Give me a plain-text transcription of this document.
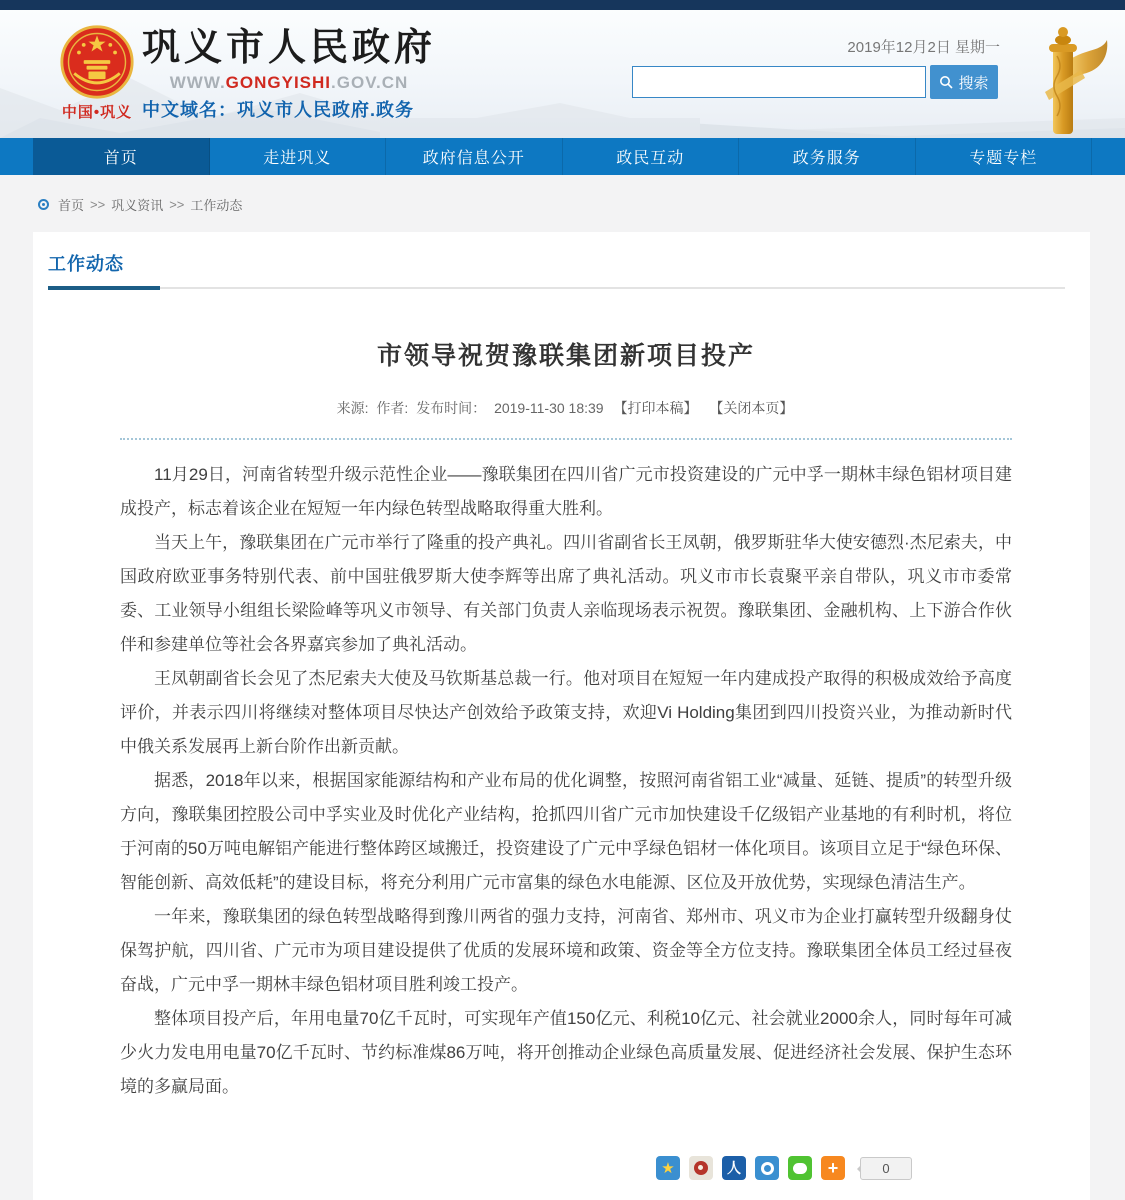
中国•巩义
巩义市人民政府
WWW.GONGYISHI.GOV.CN
中文域名：巩义市人民政府.政务
2019年12月2日 星期一
搜索
首页	走进巩义	政府信息公开	政民互动	政务服务	专题专栏
首页 >> 巩义资讯 >> 工作动态
工作动态
市领导祝贺豫联集团新项目投产
来源: 作者: 发布时间： 2019-11-30 18:39 【打印本稿】 【关闭本页】

11月29日，河南省转型升级示范性企业——豫联集团在四川省广元市投资建设的广元中孚一期林丰绿色铝材项目建成投产，标志着该企业在短短一年内绿色转型战略取得重大胜利。

当天上午，豫联集团在广元市举行了隆重的投产典礼。四川省副省长王凤朝，俄罗斯驻华大使安德烈·杰尼索夫，中国政府欧亚事务特别代表、前中国驻俄罗斯大使李辉等出席了典礼活动。巩义市市长袁聚平亲自带队，巩义市市委常委、工业领导小组组长梁险峰等巩义市领导、有关部门负责人亲临现场表示祝贺。豫联集团、金融机构、上下游合作伙伴和参建单位等社会各界嘉宾参加了典礼活动。

王凤朝副省长会见了杰尼索夫大使及马钦斯基总裁一行。他对项目在短短一年内建成投产取得的积极成效给予高度评价，并表示四川将继续对整体项目尽快达产创效给予政策支持，欢迎Vi Holding集团到四川投资兴业，为推动新时代中俄关系发展再上新台阶作出新贡献。

据悉，2018年以来，根据国家能源结构和产业布局的优化调整，按照河南省铝工业“减量、延链、提质”的转型升级方向，豫联集团控股公司中孚实业及时优化产业结构，抢抓四川省广元市加快建设千亿级铝产业基地的有利时机，将位于河南的50万吨电解铝产能进行整体跨区域搬迁，投资建设了广元中孚绿色铝材一体化项目。该项目立足于“绿色环保、智能创新、高效低耗”的建设目标，将充分利用广元市富集的绿色水电能源、区位及开放优势，实现绿色清洁生产。

一年来，豫联集团的绿色转型战略得到豫川两省的强力支持，河南省、郑州市、巩义市为企业打赢转型升级翻身仗保驾护航，四川省、广元市为项目建设提供了优质的发展环境和政策、资金等全方位支持。豫联集团全体员工经过昼夜奋战，广元中孚一期林丰绿色铝材项目胜利竣工投产。

整体项目投产后，年用电量70亿千瓦时，可实现年产值150亿元、利税10亿元、社会就业2000余人，同时每年可减少火力发电用电量70亿千瓦时、节约标准煤86万吨，将开创推动企业绿色高质量发展、促进经济社会发展、保护生态环境的多赢局面。

★	人	+	0
